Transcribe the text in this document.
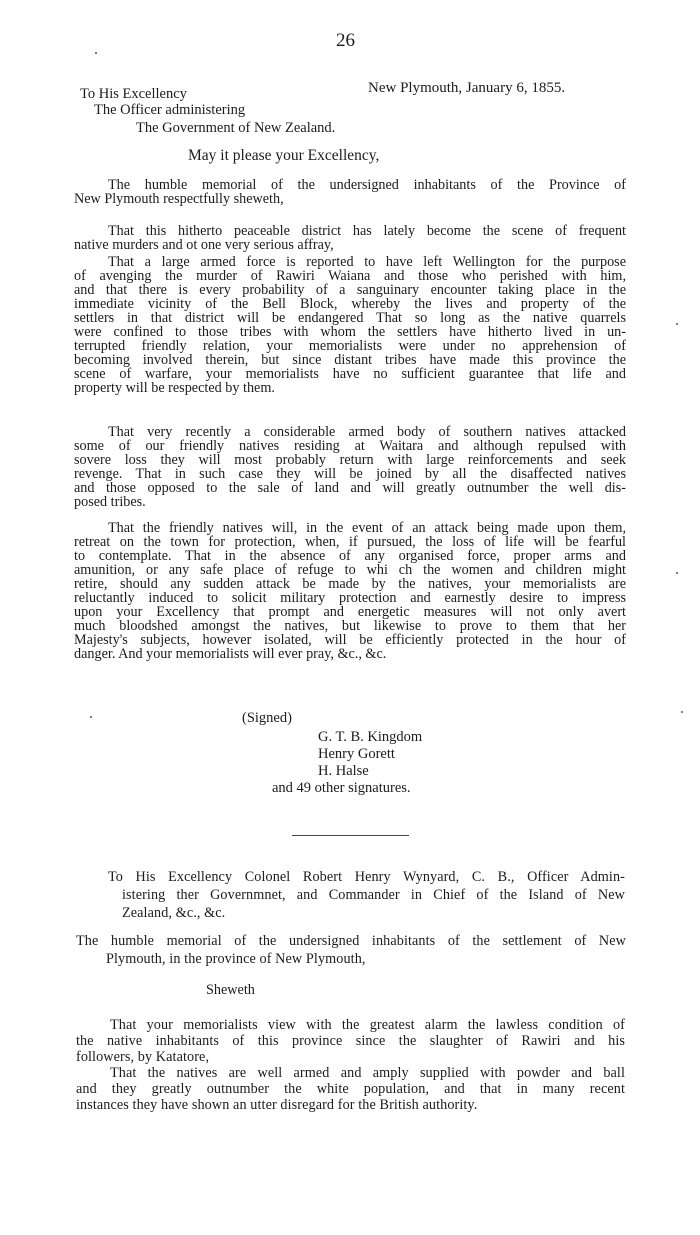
26
To His Excellency
The Officer administering
The Government of New Zealand.
New Plymouth, January 6, 1855.
May it please your Excellency,
The humble memorial of the undersigned inhabitants of the Province of
New Plymouth respectfully sheweth,
That this hitherto peaceable district has lately become the scene of frequent
native murders and ot one very serious affray,
That a large armed force is reported to have left Wellington for the purpose
of avenging the murder of Rawiri Waiana and those who perished with him,
and that there is every probability of a sanguinary encounter taking place in the
immediate vicinity of the Bell Block, whereby the lives and property of the
settlers in that district will be endangered That so long as the native quarrels
were confined to those tribes with whom the settlers have hitherto lived in un-
terrupted friendly relation, your memorialists were under no apprehension of
becoming involved therein, but since distant tribes have made this province the
scene of warfare, your memorialists have no sufficient guarantee that life and
property will be respected by them.
That very recently a considerable armed body of southern natives attacked
some of our friendly natives residing at Waitara and although repulsed with
sovere loss they will most probably return with large reinforcements and seek
revenge. That in such case they will be joined by all the disaffected natives
and those opposed to the sale of land and will greatly outnumber the well dis-
posed tribes.
That the friendly natives will, in the event of an attack being made upon them,
retreat on the town for protection, when, if pursued, the loss of life will be fearful
to contemplate. That in the absence of any organised force, proper arms and
amunition, or any safe place of refuge to whi ch the women and children might
retire, should any sudden attack be made by the natives, your memorialists are
reluctantly induced to solicit military protection and earnestly desire to impress
upon your Excellency that prompt and energetic measures will not only avert
much bloodshed amongst the natives, but likewise to prove to them that her
Majesty's subjects, however isolated, will be efficiently protected in the hour of
danger. And your memorialists will ever pray, &c., &c.
(Signed)
G. T. B. Kingdom
Henry Gorett
H. Halse
and 49 other signatures.
To His Excellency Colonel Robert Henry Wynyard, C. B., Officer Admin-
istering ther Governmnet, and Commander in Chief of the Island of New
Zealand, &c., &c.
The humble memorial of the undersigned inhabitants of the settlement of New
Plymouth, in the province of New Plymouth,
Sheweth
That your memorialists view with the greatest alarm the lawless condition of
the native inhabitants of this province since the slaughter of Rawiri and his
followers, by Katatore,
That the natives are well armed and amply supplied with powder and ball
and they greatly outnumber the white population, and that in many recent
instances they have shown an utter disregard for the British authority.
